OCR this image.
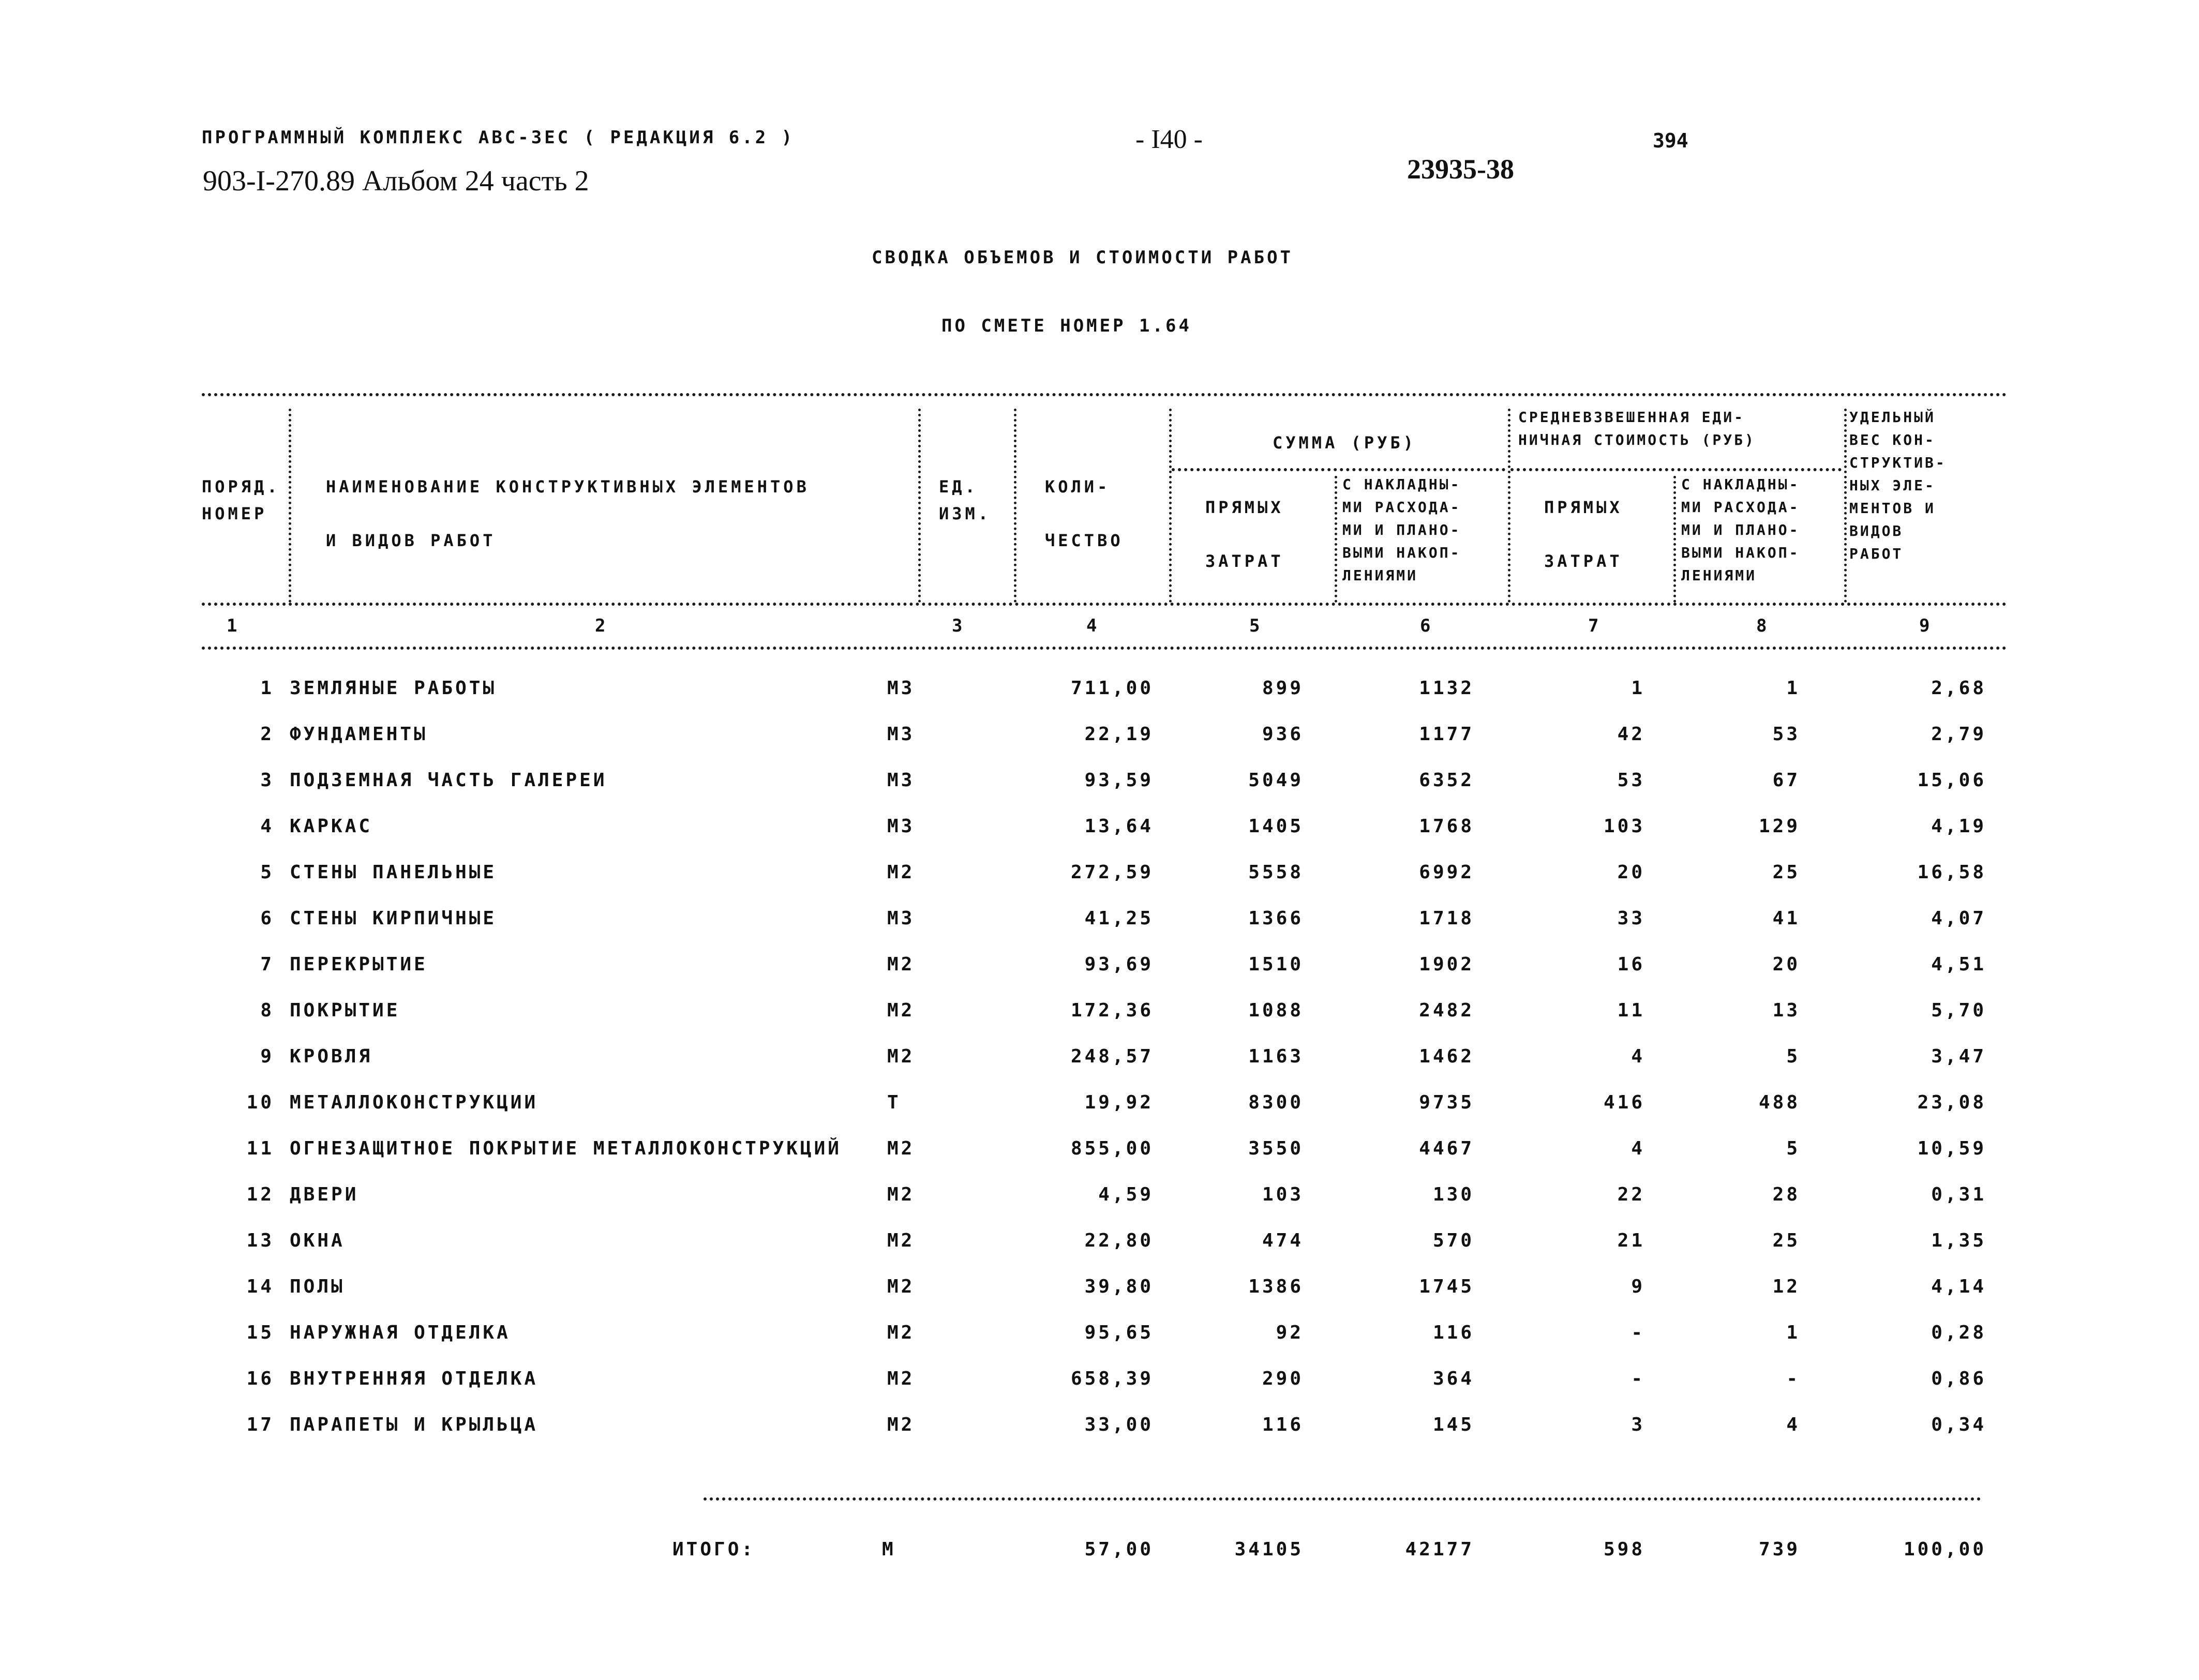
ПРОГРАММНЫЙ КОМПЛЕКС АВС-3ЕС ( РЕДАКЦИЯ 6.2 )
903-I-270.89 Альбом 24 часть 2
- I40 -
23935-38
394
СВОДКА ОБЪЕМОВ И СТОИМОСТИ РАБОТ
ПО СМЕТЕ НОМЕР 1.64
ПОРЯД.
НОМЕР
НАИМЕНОВАНИЕ КОНСТРУКТИВНЫХ ЭЛЕМЕНТОВ

И ВИДОВ РАБОТ
ЕД.
ИЗМ.
КОЛИ-

ЧЕСТВО
СУММА (РУБ)
ПРЯМЫХ

ЗАТРАТ
С НАКЛАДНЫ-
МИ РАСХОДА-
МИ И ПЛАНО-
ВЫМИ НАКОП-
ЛЕНИЯМИ
СРЕДНЕВЗВЕШЕННАЯ ЕДИ-
НИЧНАЯ СТОИМОСТЬ (РУБ)
ПРЯМЫХ

ЗАТРАТ
С НАКЛАДНЫ-
МИ РАСХОДА-
МИ И ПЛАНО-
ВЫМИ НАКОП-
ЛЕНИЯМИ
УДЕЛЬНЫЙ
ВЕС КОН-
СТРУКТИВ-
НЫХ ЭЛЕ-
МЕНТОВ И
ВИДОВ
РАБОТ
1	2	3	4	5	6	7	8	9
1 ЗЕМЛЯНЫЕ РАБОТЫ	М3	711,00	899	1132	1	1	2,68
2 ФУНДАМЕНТЫ	М3	22,19	936	1177	42	53	2,79
3 ПОДЗЕМНАЯ ЧАСТЬ ГАЛЕРЕИ	М3	93,59	5049	6352	53	67	15,06
4 КАРКАС	М3	13,64	1405	1768	103	129	4,19
5 СТЕНЫ ПАНЕЛЬНЫЕ	М2	272,59	5558	6992	20	25	16,58
6 СТЕНЫ КИРПИЧНЫЕ	М3	41,25	1366	1718	33	41	4,07
7 ПЕРЕКРЫТИЕ	М2	93,69	1510	1902	16	20	4,51
8 ПОКРЫТИЕ	М2	172,36	1088	2482	11	13	5,70
9 КРОВЛЯ	М2	248,57	1163	1462	4	5	3,47
10 МЕТАЛЛОКОНСТРУКЦИИ	Т	19,92	8300	9735	416	488	23,08
11 ОГНЕЗАЩИТНОЕ ПОКРЫТИЕ МЕТАЛЛОКОНСТРУКЦИЙ	М2	855,00	3550	4467	4	5	10,59
12 ДВЕРИ	М2	4,59	103	130	22	28	0,31
13 ОКНА	М2	22,80	474	570	21	25	1,35
14 ПОЛЫ	М2	39,80	1386	1745	9	12	4,14
15 НАРУЖНАЯ ОТДЕЛКА	М2	95,65	92	116	-	1	0,28
16 ВНУТРЕННЯЯ ОТДЕЛКА	М2	658,39	290	364	-	-	0,86
17 ПАРАПЕТЫ И КРЫЛЬЦА	М2	33,00	116	145	3	4	0,34
ИТОГО:	М	57,00	34105	42177	598	739	100,00
